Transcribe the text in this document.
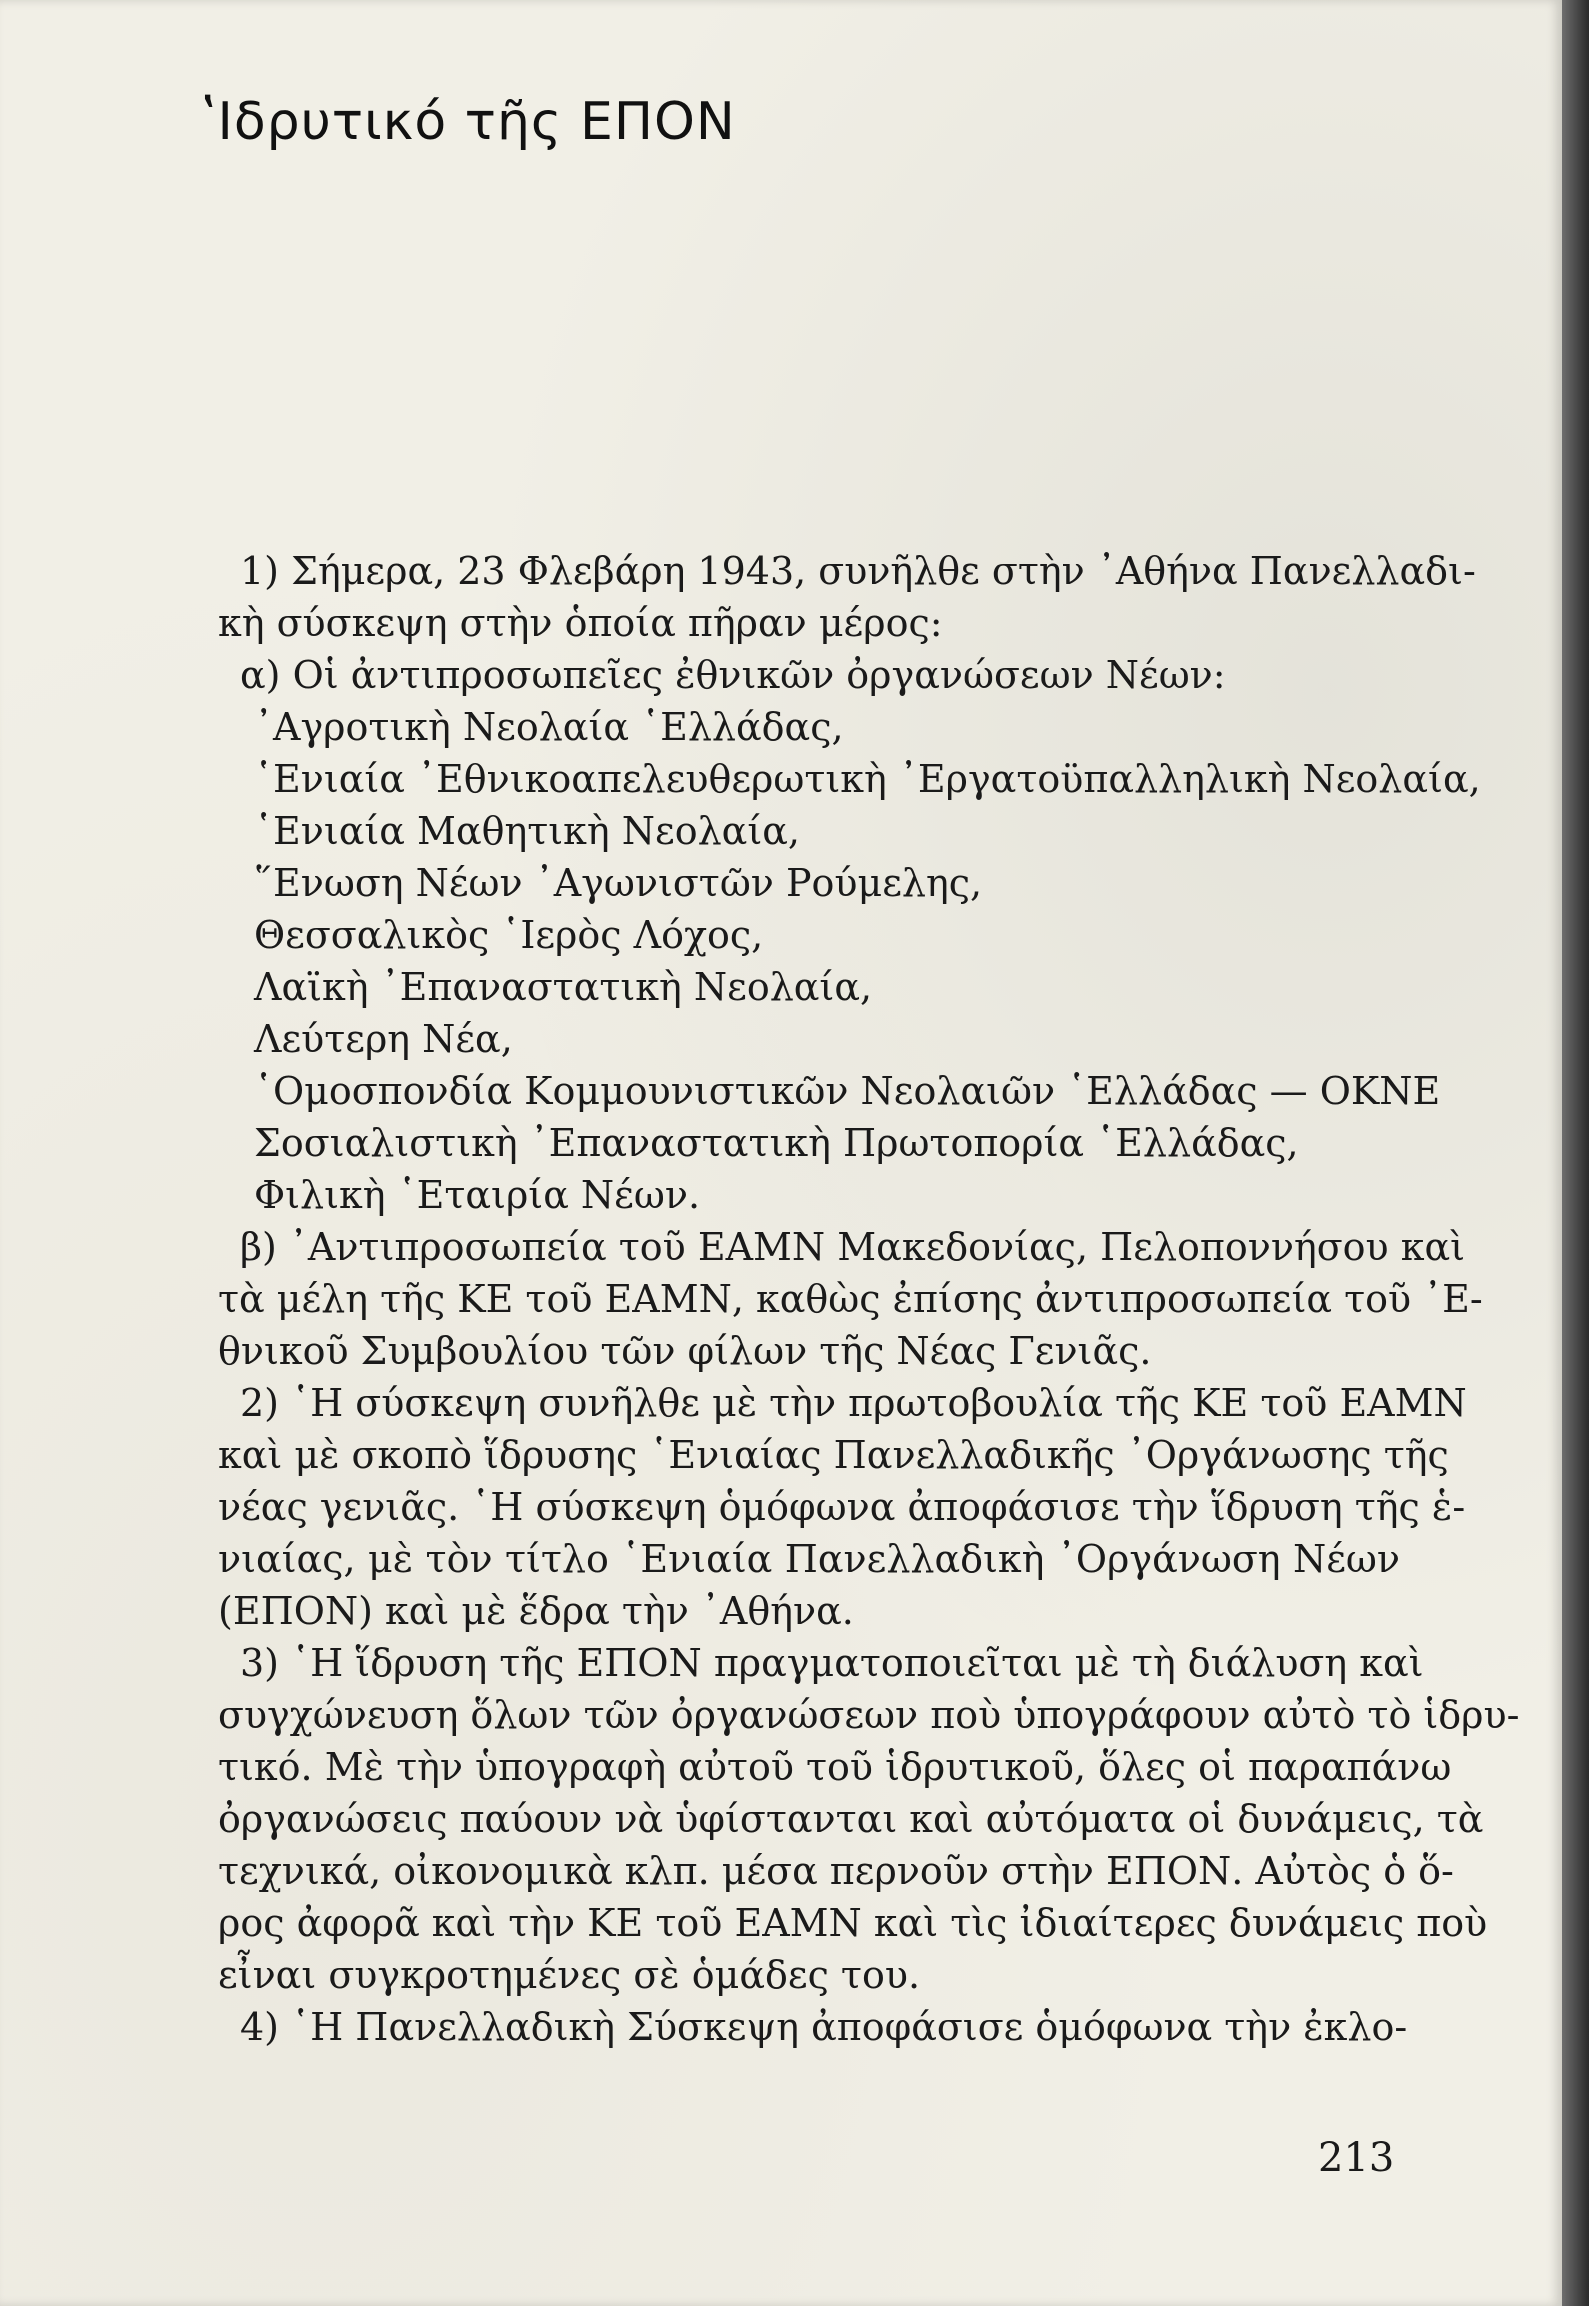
ʽΙδρυτικό τῆς ΕΠΟΝ
1) Σήμερα, 23 Φλεβάρη 1943, συνῆλθε στὴν ᾿Αθήνα Πανελλαδι-
κὴ σύσκεψη στὴν ὁποία πῆραν μέρος:
α) Οἱ ἀντιπροσωπεῖες ἐθνικῶν ὀργανώσεων Νέων:
᾿Αγροτικὴ Νεολαία ῾Ελλάδας,
῾Ενιαία ᾿Εθνικοαπελευθερωτικὴ ᾿Εργατοϋπαλληλικὴ Νεολαία,
῾Ενιαία Μαθητικὴ Νεολαία,
῞Ενωση Νέων ᾿Αγωνιστῶν Ρούμελης,
Θεσσαλικὸς ῾Ιερὸς Λόχος,
Λαϊκὴ ᾿Επαναστατικὴ Νεολαία,
Λεύτερη Νέα,
῾Ομοσπονδία Κομμουνιστικῶν Νεολαιῶν ῾Ελλάδας — ΟΚΝΕ
Σοσιαλιστικὴ ᾿Επαναστατικὴ Πρωτοπορία ῾Ελλάδας,
Φιλικὴ ῾Εταιρία Νέων.
β) ᾿Αντιπροσωπεία τοῦ ΕΑΜΝ Μακεδονίας, Πελοποννήσου καὶ
τὰ μέλη τῆς ΚΕ τοῦ ΕΑΜΝ, καθὼς ἐπίσης ἀντιπροσωπεία τοῦ ᾿Ε-
θνικοῦ Συμβουλίου τῶν φίλων τῆς Νέας Γενιᾶς.
2) ῾Η σύσκεψη συνῆλθε μὲ τὴν πρωτοβουλία τῆς ΚΕ τοῦ ΕΑΜΝ
καὶ μὲ σκοπὸ ἵδρυσης ῾Ενιαίας Πανελλαδικῆς ᾿Οργάνωσης τῆς
νέας γενιᾶς. ῾Η σύσκεψη ὁμόφωνα ἀποφάσισε τὴν ἵδρυση τῆς ἑ-
νιαίας, μὲ τὸν τίτλο ῾Ενιαία Πανελλαδικὴ ᾿Οργάνωση Νέων
(ΕΠΟΝ) καὶ μὲ ἕδρα τὴν ᾿Αθήνα.
3) ῾Η ἵδρυση τῆς ΕΠΟΝ πραγματοποιεῖται μὲ τὴ διάλυση καὶ
συγχώνευση ὅλων τῶν ὀργανώσεων ποὺ ὑπογράφουν αὐτὸ τὸ ἱδρυ-
τικό. Μὲ τὴν ὑπογραφὴ αὐτοῦ τοῦ ἱδρυτικοῦ, ὅλες οἱ παραπάνω
ὀργανώσεις παύουν νὰ ὑφίστανται καὶ αὐτόματα οἱ δυνάμεις, τὰ
τεχνικά, οἰκονομικὰ κλπ. μέσα περνοῦν στὴν ΕΠΟΝ. Αὐτὸς ὁ ὅ-
ρος ἀφορᾶ καὶ τὴν ΚΕ τοῦ ΕΑΜΝ καὶ τὶς ἰδιαίτερες δυνάμεις ποὺ
εἶναι συγκροτημένες σὲ ὁμάδες του.
4) ῾Η Πανελλαδικὴ Σύσκεψη ἀποφάσισε ὁμόφωνα τὴν ἐκλο-
213
